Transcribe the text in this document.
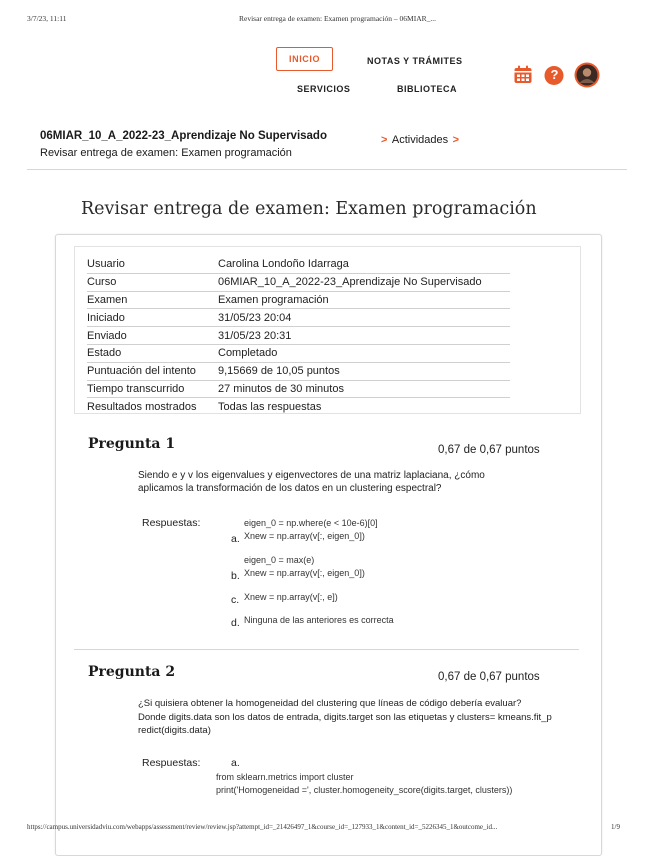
3/7/23, 11:11	Revisar entrega de examen: Examen programación – 06MIAR_...
INICIO	NOTAS Y TRÁMITES
SERVICIOS	BIBLIOTECA
?
06MIAR_10_A_2022-23_Aprendizaje No Supervisado	> Actividades >
Revisar entrega de examen: Examen programación
Revisar entrega de examen: Examen programación
Usuario	Carolina Londoño Idarraga
Curso	06MIAR_10_A_2022-23_Aprendizaje No Supervisado
Examen	Examen programación
Iniciado	31/05/23 20:04
Enviado	31/05/23 20:31
Estado	Completado
Puntuación del intento	9,15669 de 10,05 puntos
Tiempo transcurrido	27 minutos de 30 minutos
Resultados mostrados	Todas las respuestas
Pregunta 1	0,67 de 0,67 puntos
Siendo e y v los eigenvalues y eigenvectores de una matriz laplaciana, ¿cómo
aplicamos la transformación de los datos en un clustering espectral?
Respuestas:	eigen_0 = np.where(e < 10e-6)[0]
a. Xnew = np.array(v[:, eigen_0])
eigen_0 = max(e)
b. Xnew = np.array(v[:, eigen_0])
c. Xnew = np.array(v[:, e])
d. Ninguna de las anteriores es correcta
Pregunta 2	0,67 de 0,67 puntos
¿Si quisiera obtener la homogeneidad del clustering que líneas de código debería evaluar?
Donde digits.data son los datos de entrada, digits.target son las etiquetas y clusters= kmeans.fit_p
redict(digits.data)
Respuestas:	a.
from sklearn.metrics import cluster
print('Homogeneidad =', cluster.homogeneity_score(digits.target, clusters))
https://campus.universidadviu.com/webapps/assessment/review/review.jsp?attempt_id=_21426497_1&course_id=_127933_1&content_id=_5226345_1&outcome_id...	1/9
